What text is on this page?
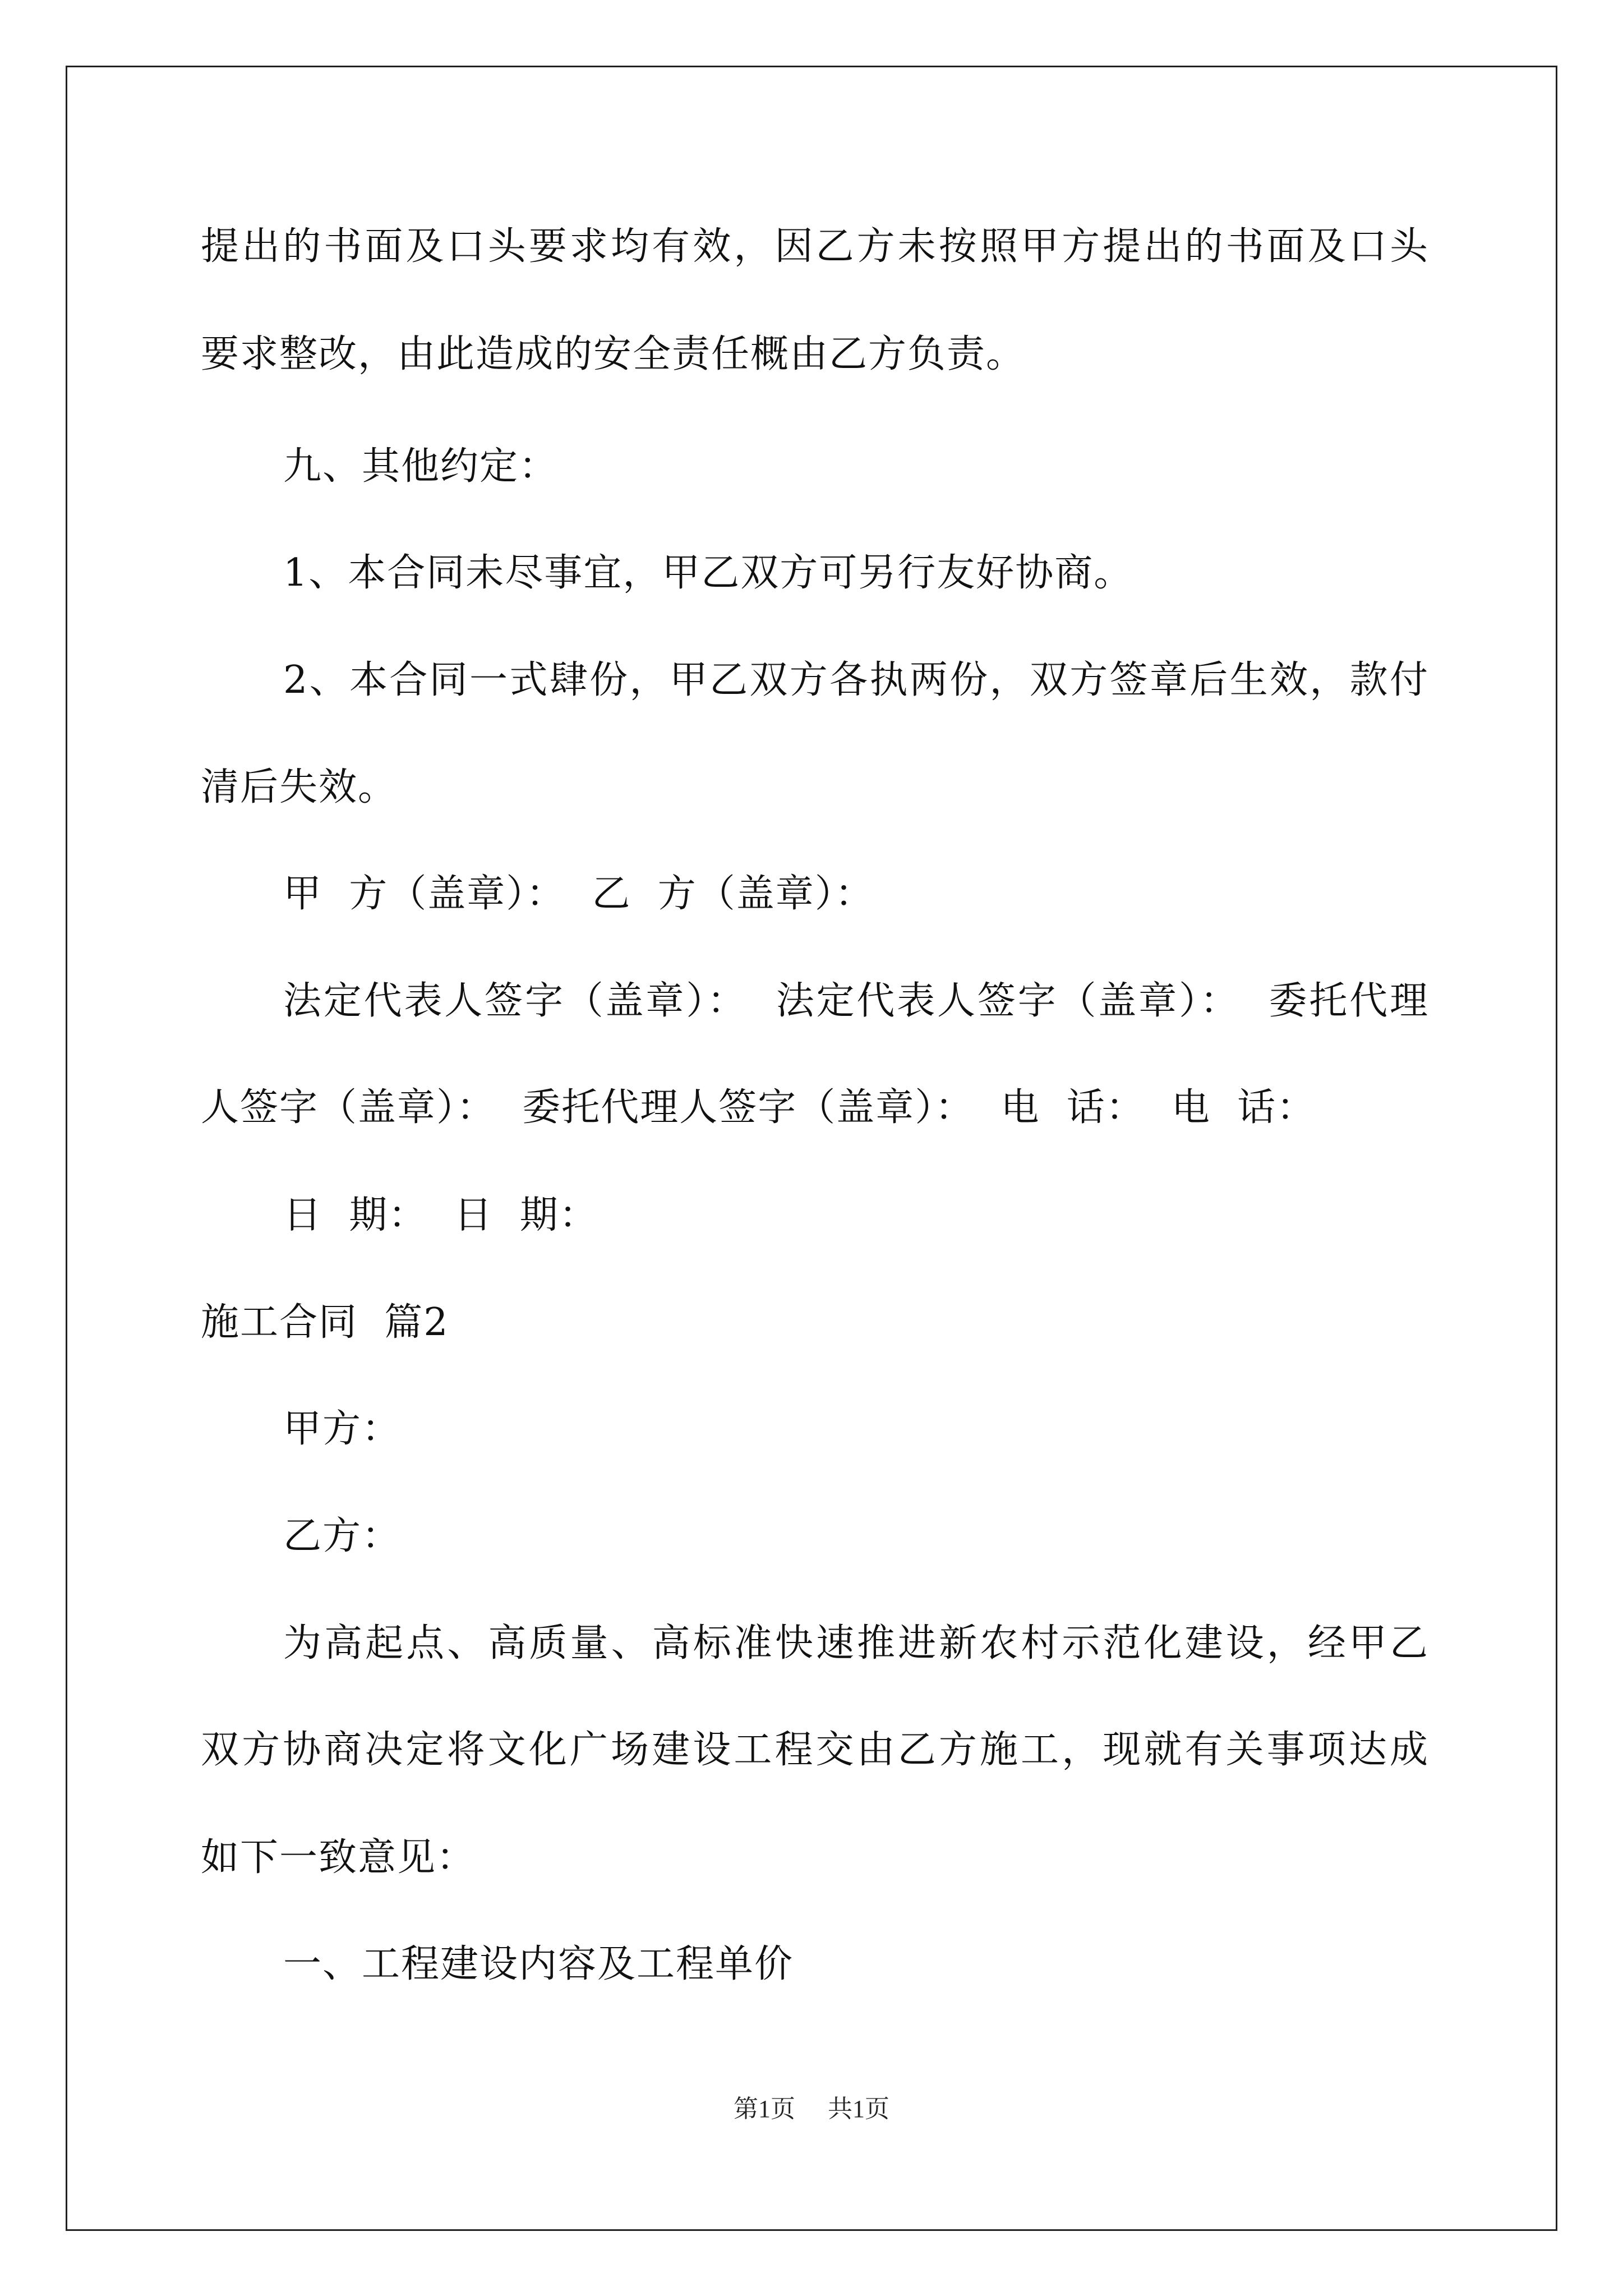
提出的书面及口头要求均有效，因乙方未按照甲方提出的书面及口头
要求整改，由此造成的安全责任概由乙方负责。
九、其他约定：
1、本合同未尽事宜，甲乙双方可另行友好协商。
2、本合同一式肆份，甲乙双方各执两份，双方签章后生效，款付
清后失效。
甲  方（盖章）：  乙  方（盖章）：
法定代表人签字（盖章）：  法定代表人签字（盖章）：  委托代理
人签字（盖章）：  委托代理人签字（盖章）：  电  话：  电  话：
日  期：  日  期：
施工合同  篇2
甲方：
乙方：
为高起点、高质量、高标准快速推进新农村示范化建设，经甲乙
双方协商决定将文化广场建设工程交由乙方施工，现就有关事项达成
如下一致意见：
一、工程建设内容及工程单价
第1页 共1页
